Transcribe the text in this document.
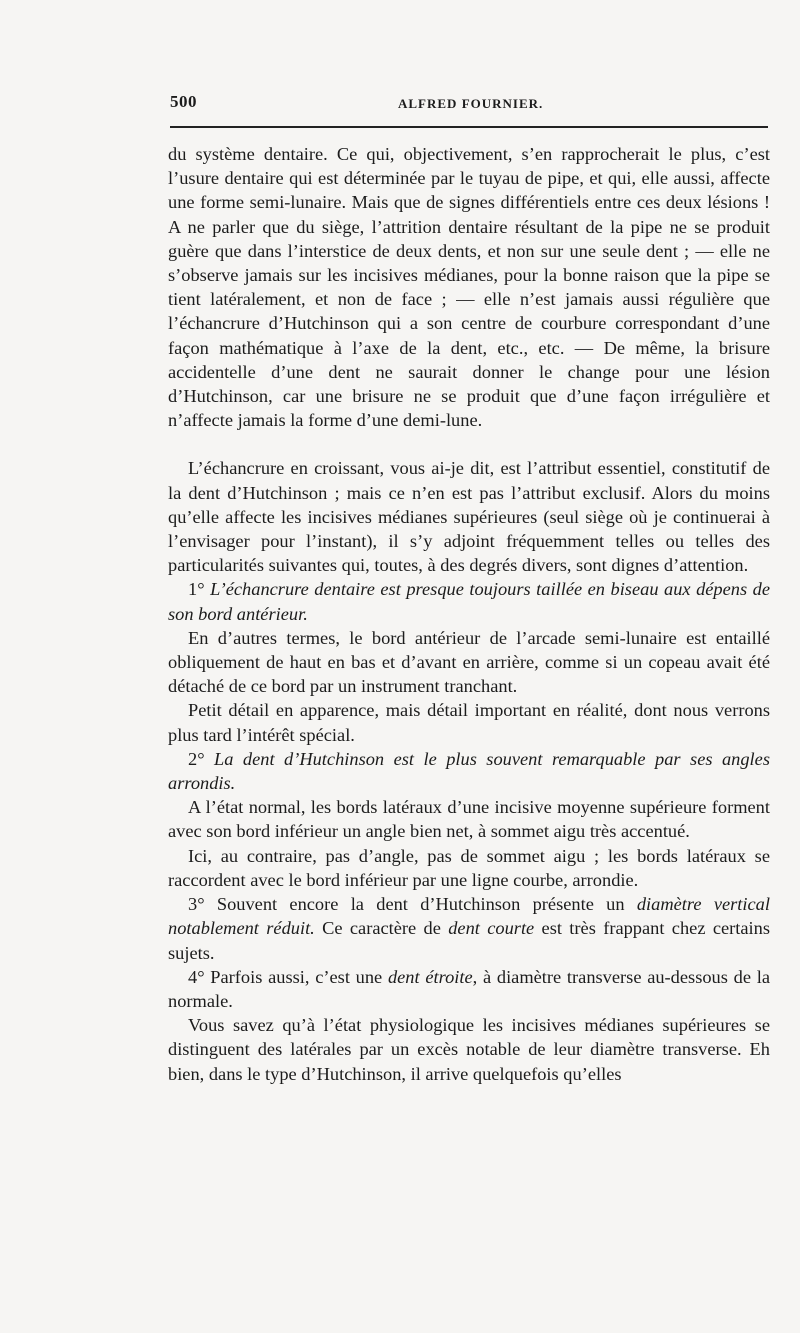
500	ALFRED FOURNIER.

du système dentaire. Ce qui, objectivement, s’en rapprocherait le plus, c’est l’usure dentaire qui est déterminée par le tuyau de pipe, et qui, elle aussi, affecte une forme semi-lunaire. Mais que de signes différentiels entre ces deux lésions ! A ne parler que du siège, l’attrition dentaire résultant de la pipe ne se produit guère que dans l’interstice de deux dents, et non sur une seule dent ; — elle ne s’observe jamais sur les incisives médianes, pour la bonne raison que la pipe se tient latéralement, et non de face ; — elle n’est jamais aussi régulière que l’échancrure d’Hutchinson qui a son centre de courbure correspondant d’une façon mathématique à l’axe de la dent, etc., etc. — De même, la brisure accidentelle d’une dent ne saurait donner le change pour une lésion d’Hutchinson, car une brisure ne se produit que d’une façon irrégulière et n’affecte jamais la forme d’une demi-lune.

L’échancrure en croissant, vous ai-je dit, est l’attribut essentiel, constitutif de la dent d’Hutchinson ; mais ce n’en est pas l’attribut exclusif. Alors du moins qu’elle affecte les incisives médianes supérieures (seul siège où je continuerai à l’envisager pour l’instant), il s’y adjoint fréquemment telles ou telles des particularités suivantes qui, toutes, à des degrés divers, sont dignes d’attention.

1° L’échancrure dentaire est presque toujours taillée en biseau aux dépens de son bord antérieur.

En d’autres termes, le bord antérieur de l’arcade semi-lunaire est entaillé obliquement de haut en bas et d’avant en arrière, comme si un copeau avait été détaché de ce bord par un instrument tranchant.

Petit détail en apparence, mais détail important en réalité, dont nous verrons plus tard l’intérêt spécial.

2° La dent d’Hutchinson est le plus souvent remarquable par ses angles arrondis.

A l’état normal, les bords latéraux d’une incisive moyenne supérieure forment avec son bord inférieur un angle bien net, à sommet aigu très accentué.

Ici, au contraire, pas d’angle, pas de sommet aigu ; les bords latéraux se raccordent avec le bord inférieur par une ligne courbe, arrondie.

3° Souvent encore la dent d’Hutchinson présente un diamètre vertical notablement réduit. Ce caractère de dent courte est très frappant chez certains sujets.

4° Parfois aussi, c’est une dent étroite, à diamètre transverse au-dessous de la normale.

Vous savez qu’à l’état physiologique les incisives médianes supérieures se distinguent des latérales par un excès notable de leur diamètre transverse. Eh bien, dans le type d’Hutchinson, il arrive quelquefois qu’elles
